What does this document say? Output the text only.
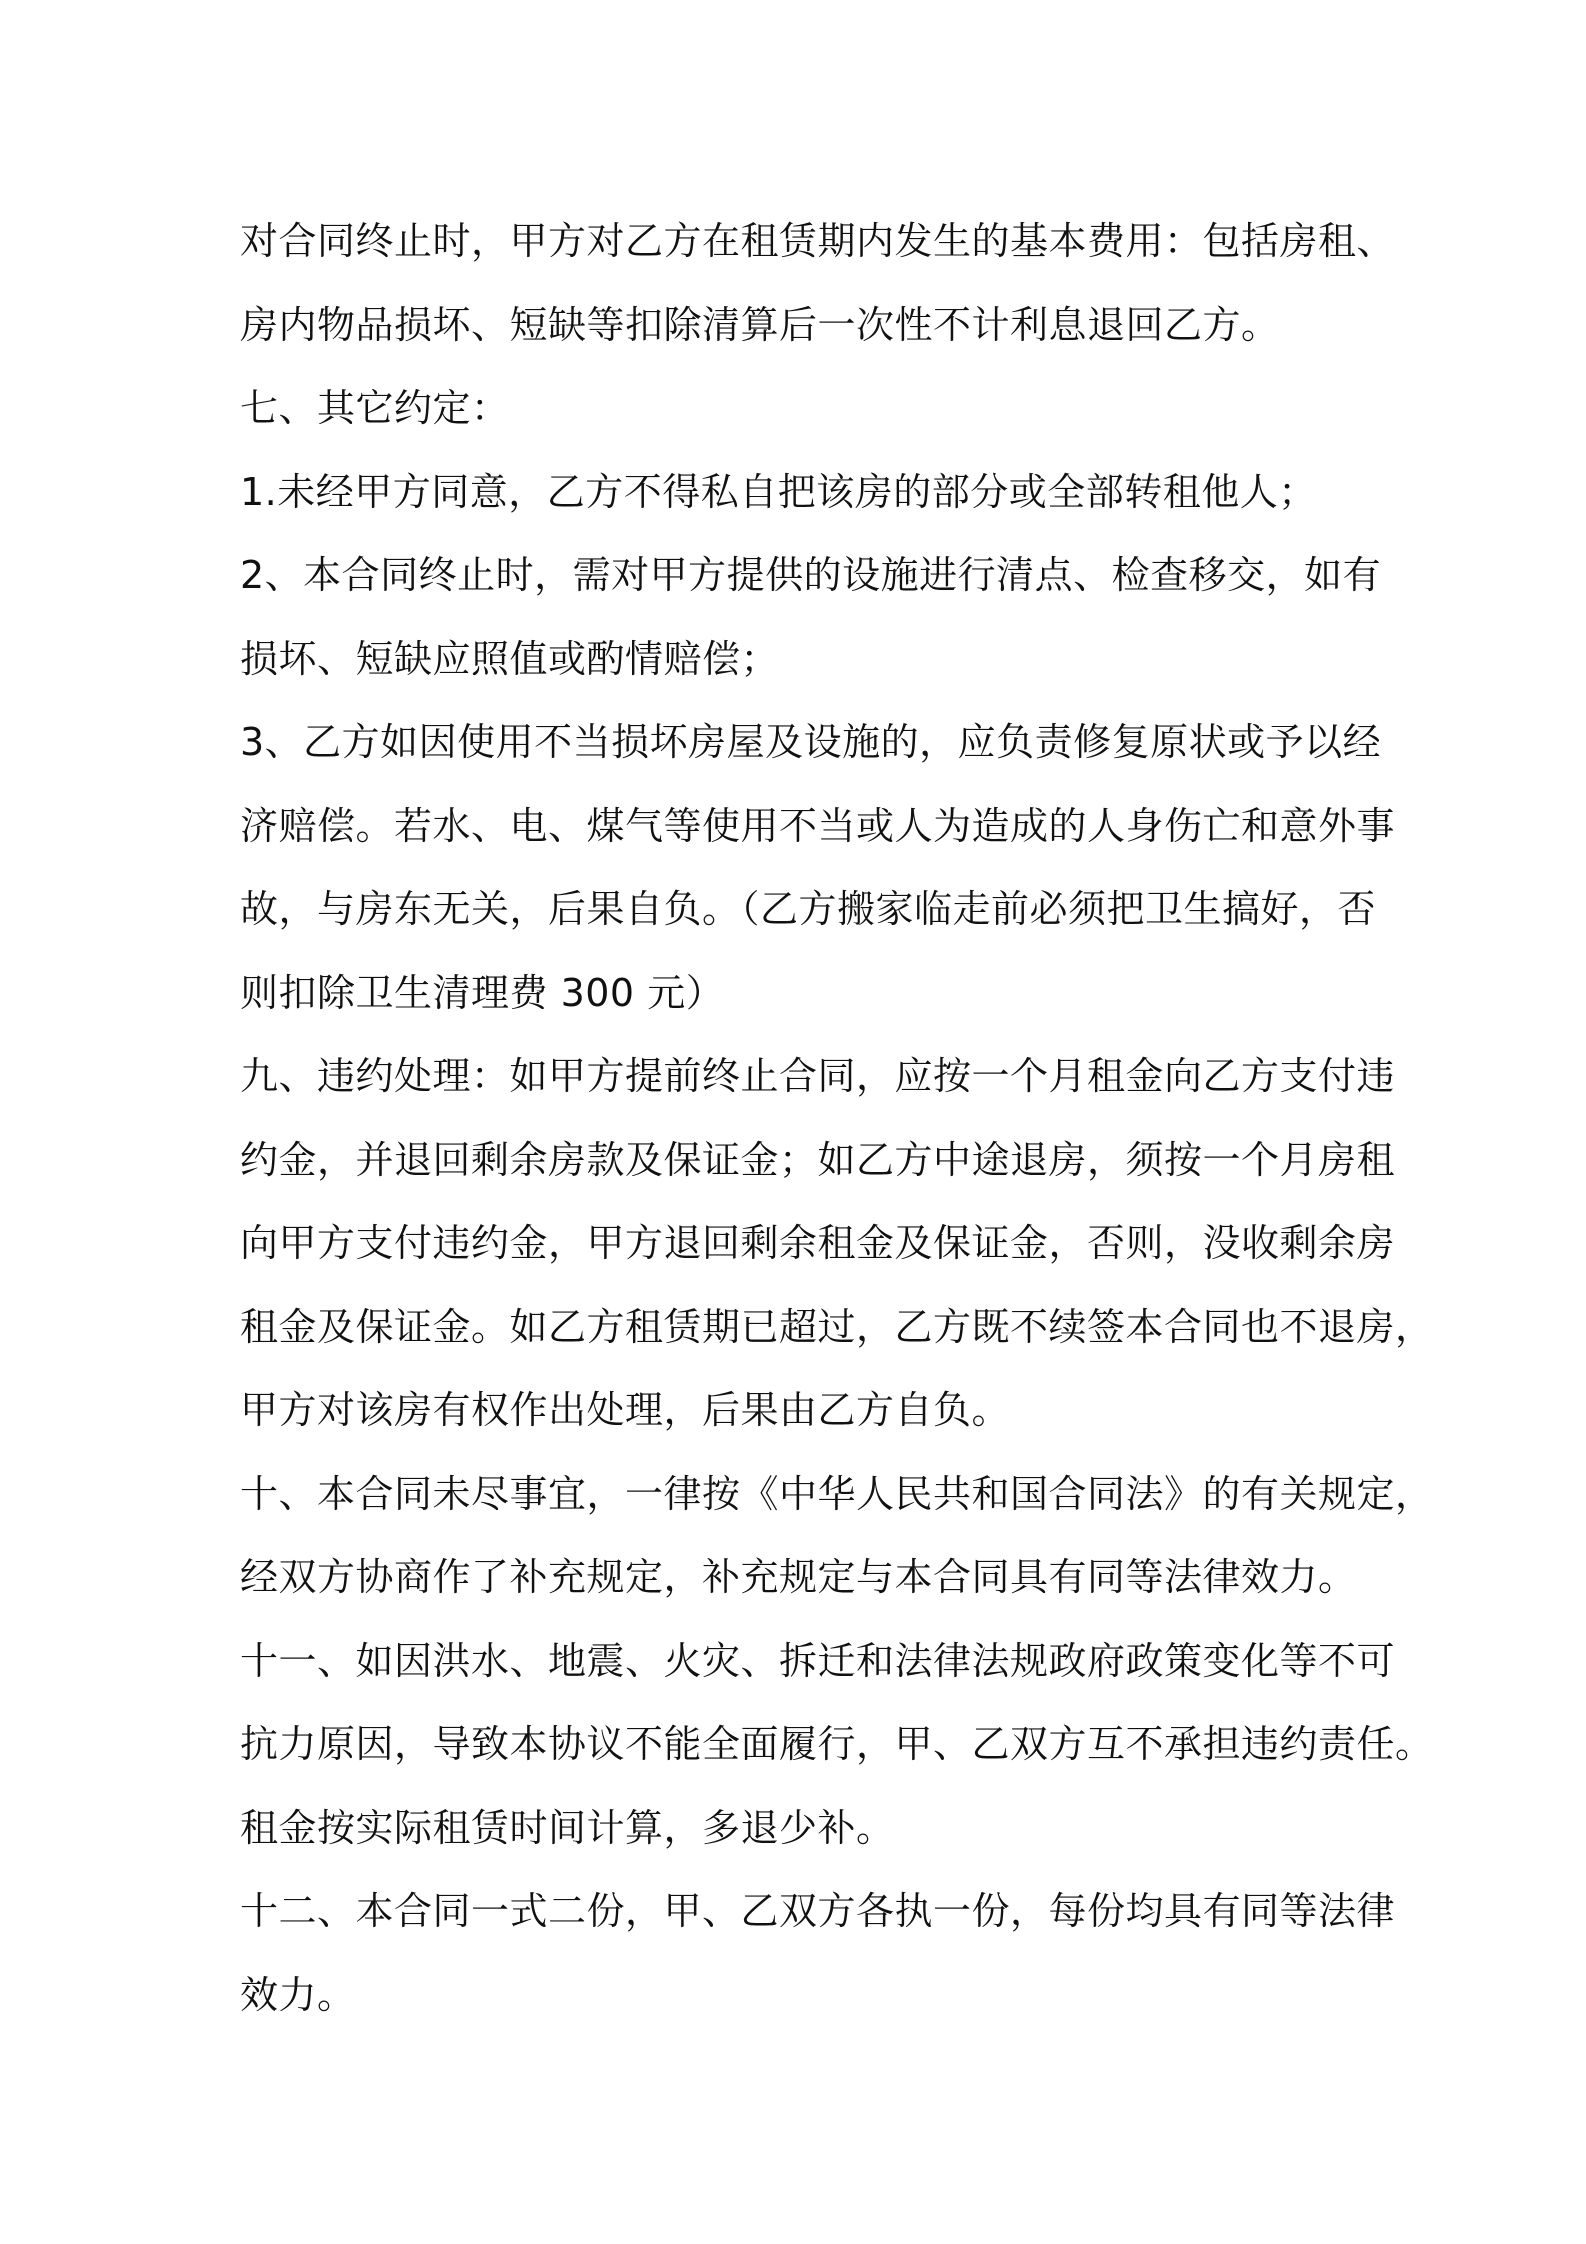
对合同终止时，甲方对乙方在租赁期内发生的基本费用：包括房租、
房内物品损坏、短缺等扣除清算后一次性不计利息退回乙方。
七、其它约定：
1.未经甲方同意，乙方不得私自把该房的部分或全部转租他人；
2、本合同终止时，需对甲方提供的设施进行清点、检查移交，如有
损坏、短缺应照值或酌情赔偿；
3、乙方如因使用不当损坏房屋及设施的，应负责修复原状或予以经
济赔偿。若水、电、煤气等使用不当或人为造成的人身伤亡和意外事
故，与房东无关，后果自负。（乙方搬家临走前必须把卫生搞好，否
则扣除卫生清理费 300 元）
九、违约处理：如甲方提前终止合同，应按一个月租金向乙方支付违
约金，并退回剩余房款及保证金；如乙方中途退房，须按一个月房租
向甲方支付违约金，甲方退回剩余租金及保证金，否则，没收剩余房
租金及保证金。如乙方租赁期已超过，乙方既不续签本合同也不退房，
甲方对该房有权作出处理，后果由乙方自负。
十、本合同未尽事宜，一律按《中华人民共和国合同法》的有关规定，
经双方协商作了补充规定，补充规定与本合同具有同等法律效力。
十一、如因洪水、地震、火灾、拆迁和法律法规政府政策变化等不可
抗力原因，导致本协议不能全面履行，甲、乙双方互不承担违约责任。
租金按实际租赁时间计算，多退少补。
十二、本合同一式二份，甲、乙双方各执一份，每份均具有同等法律
效力。
